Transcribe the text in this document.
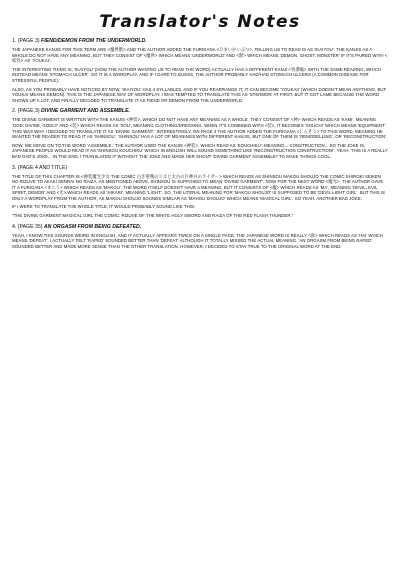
Translator's Notes
1. (PAGE 3) FIEND/DEMON FROM THE UNDERWORLD.

THE JAPANESE KANJIS FOR THIS TERM ARE <魔界獣> AND THE AUTHOR ADDED THE FURIGANA <ひまいかいぶつ>, TELLING US TO READ IS AS 'IKAIYOU'. THE KANJIS AS A WHOLE DO NOT HAVE ANY MEANING, BUT THEY CONSIST OF <魔界> WHICH MEANS 'UNDERWORLD' AND <獣> WHICH MEANS 'DEMON, GHOST, MONSTER' IF IT'S PAIRED WITH <妖怪> AS 'YOUKAI'.

THE INTERESTING THING IS, 'IKAIYOU' (HOW THE AUTHOR WANTED US TO READ THE WORD) ACTUALLY HAS A DIFFERENT KANJI <胃潰瘍> WITH THE SAME READING, WHICH INSTEAD MEANS 'STOMACH ULCER'. SO IT IS A WORDPLAY, AND IF I DARE TO GUESS, THE AUTHOR PROBABLY HAD/HAD STOMACH ULCERS (A COMMON DISEASE FOR STRESSFUL PEOPLE).

ALSO, AS YOU PROBABLY HAVE NOTICED BY NOW, 'IKAIYOU' HAS 4 SYLLABLES, AND IF YOU REARRANGE IT, IT CAN BECOME 'YOUKAII' (WHICH DOESN'T MEAN ANYTHING, BUT YOUKAI MEANS DEMON). THIS IS THE JAPANESE WAY OF WORDPLAY. I WAS TEMPTED TO TRANSLATE THIS AS 'STERMON' AT FIRST, BUT IT GOT LAME BECAUSE THE WORD SHOWS UP A LOT, AND FINALLY DECIDED TO TRANSLATE IT AS FIEND OR DEMON FROM THE UNDERWORLD.

2. (PAGE 3) DIVINE GARMENT AND ASSEMBLE.

THE DIVINE GARMENT IS WRITTEN WITH THE KANJIS <神装>, WHICH DO NOT HAVE ANY MEANING AS A WHOLE. THEY CONSIST OF <神> WHICH READS AS 'KAMI', MEANING 'GOD, DIVINE, GODLY' AND <装> WHICH READS AS 'SOU', MEANING CLOTHING/DRESSING. WHEN IT'S COMBINED WITH <装>, IT BECOMES 'SOUCHI' WHICH MEANS 'EQUIPMENT'. THIS WAS WHY I DECIDED TO TRANSLATE IT AS 'DIVINE GARMENT'. INTERESTINGLY, ON PAGE 4 THE AUTHOR ADDED THE FURIGANA <しんそう> TO THIS WORD, MEANING HE WANTED THE READER TO READ IT AS 'SHINSOU'. 'SHINSOU' HAS A LOT OF MEANINGS WITH DIFFERENT KANJIS, BUT ONE OF THEM IS 'REMODELLING', OR 'RECONSTRUCTION'.

NOW, WE MOVE ON TO THE WORD 'ASSEMBLE.' THE AUTHOR USED THE KANJIS <神装>, WHICH READ AS 'KOUCHIKU', MEANING... CONSTRUCTION... SO THE JOKE IS, JAPANESE PEOPLE WOULD READ IT AS 'SHINSOU KOUCHIKU' WHICH IN ENGLISH WILL SOUND SOMETHING LIKE 'RECONSTRUCTION CONSTRUCTION!'. YEAH, THIS IS A REALLY BAD DAD'S JOKE... IN THE END, I TRANSLATED IT WITHOUT THE JOKE AND MADE HER SHOUT 'DIVINE GARMENT ASSEMBLE!' TO MAKE THINGS COOL.

3. (PAGE 4 AND TITLE)

THE TITLE OF THIS CHAPTER IS <神装魔光少女 THE COMIC 白き聖剣のリズと太古の巨神兵のライザー> WHICH READS AS SHINSOU MAKOU SHOUJO THE COMIC SHIROKI SEIKEN NO RIZUVE TO AKAKI SENRAI NO RAIZA. AS MENTIONED ABOVE, SHINSOU IS SUPPOSED TO MEAN 'DIVINE GARMENT'. NOW FOR THE NEXT WORD <魔光>, THE AUTHOR GAVE IT A FURIGANA <まこう> WHICH READS AS 'MAKOU'. THE WORD ITSELF DOESN'T HAVE A MEANING, BUT IT CONSISTS OF <魔> WHICH READS AS 'MA', MEANING 'DEVIL, EVIL SPIRIT, DEMON' AND <光> WHICH READS AS 'HIKARI', MEANING 'LIGHT'. SO, THE LITERAL MEANING FOR 'MAKOU SHOUJO' IS SUPPOSED TO BE 'DEVIL LIGHT GIRL'. BUT THIS IS ONLY A WORDPLAY FROM THE AUTHOR, AS MAKOU SHOUJO SOUNDS SIMILAR AS 'MAHOU SHOUJO' WHICH MEANS 'MAGICAL GIRL'. SO YEAH, ANOTHER BAD JOKE.

IF I WERE TO TRANSLATE THE WHOLE TITLE, IT WOULD PROBABLY SOUND LIKE THIS:

"THE DIVINE GARMENT MAGICAL GIRL THE COMIC: RIZUVE OF THE WHITE HOLY SWORD AND RAIZA OF THE RED FLASH THUNDER."

4. (PAGE 35) AN ORGASM FROM BEING DEFEATED.

YEAH, I KNOW THIS SOUNDS WEIRD IN ENGLISH, AND IT ACTUALLY APPEARS TWICE ON A SINGLE PAGE. THE JAPANESE WORD IS REALLY <敗> WHICH READS AS 'HAI' WHICH MEANS 'DEFEAT'. I ACTUALLY FELT 'RAPED' SOUNDED BETTER THAN 'DEFEAT' ALTHOUGH IT TOTALLY MISSED THE ACTUAL MEANING. 'AN ORGASM FROM BEING RAPED' SOUNDED BETTER AND MADE MORE SENSE THAN THE OTHER TRANSLATION. HOWEVER, I DECIDED TO STAY TRUE TO THE ORIGINAL WORD AT THE END.
